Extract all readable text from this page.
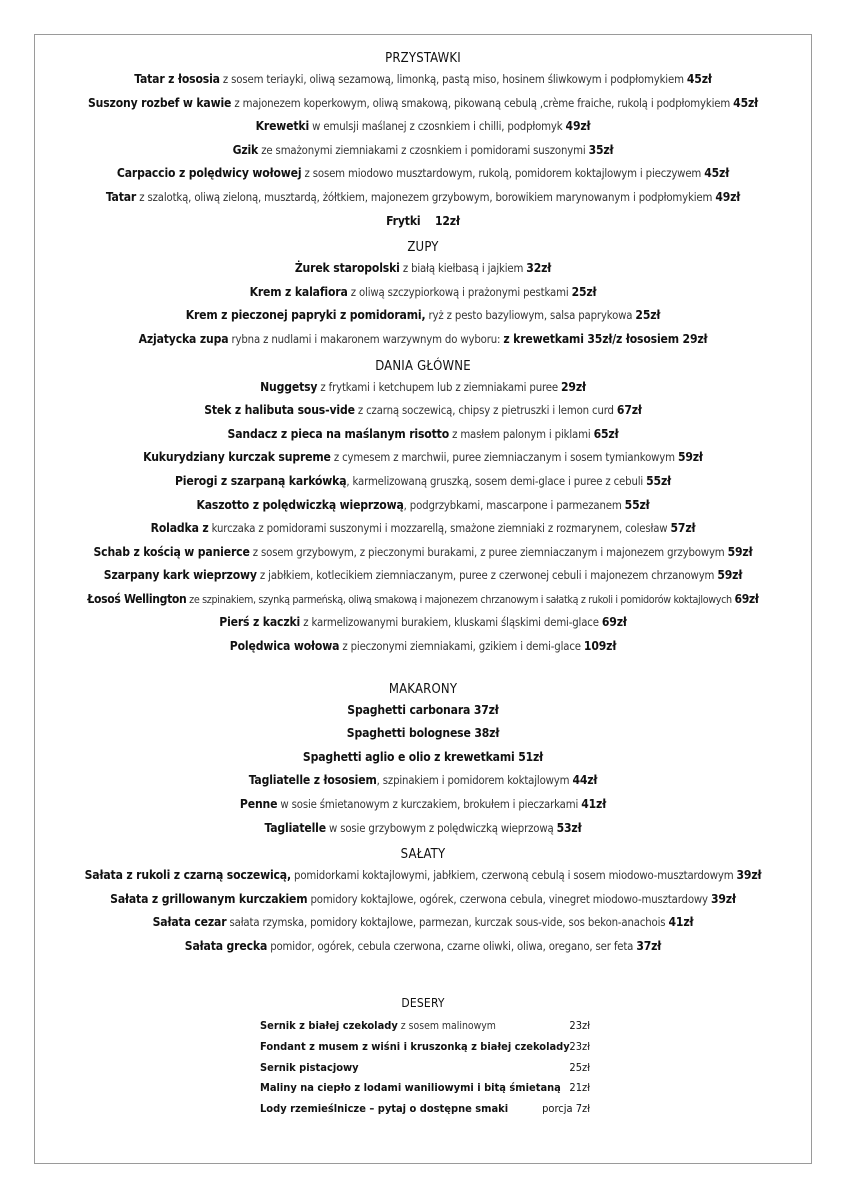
PRZYSTAWKI
Tatar z łososia z sosem teriayki, oliwą sezamową, limonką, pastą miso, hosinem śliwkowym i podpłomykiem 45zł
Suszony rozbef w kawie z majonezem koperkowym, oliwą smakową, pikowaną cebulą ,crème fraiche, rukolą i podpłomykiem 45zł
Krewetki w emulsji maślanej z czosnkiem i chilli, podpłomyk 49zł
Gzik ze smażonymi ziemniakami z czosnkiem i pomidorami suszonymi 35zł
Carpaccio z polędwicy wołowej z sosem miodowo musztardowym, rukolą, pomidorem koktajlowym i pieczywem 45zł
Tatar z szalotką, oliwą zieloną, musztardą, żółtkiem, majonezem grzybowym, borowikiem marynowanym i podpłomykiem 49zł
Frytki    12zł
ZUPY
Żurek staropolski z białą kiełbasą i jajkiem 32zł
Krem z kalafiora z oliwą szczypiorkową i prażonymi pestkami 25zł
Krem z pieczonej papryki z pomidorami, ryż z pesto bazyliowym, salsa paprykowa 25zł
Azjatycka zupa rybna z nudlami i makaronem warzywnym do wyboru: z krewetkami 35zł/z łososiem 29zł
DANIA GŁÓWNE
Nuggetsy z frytkami i ketchupem lub z ziemniakami puree 29zł
Stek z halibuta sous-vide z czarną soczewicą, chipsy z pietruszki i lemon curd 67zł
Sandacz z pieca na maślanym risotto z masłem palonym i piklami 65zł
Kukurydziany kurczak supreme z cymesem z marchwii, puree ziemniaczanym i sosem tymiankowym 59zł
Pierogi z szarpaną karkówką, karmelizowaną gruszką, sosem demi-glace i puree z cebuli 55zł
Kaszotto z polędwiczką wieprzową, podgrzybkami, mascarpone i parmezanem 55zł
Roladka z kurczaka z pomidorami suszonymi i mozzarellą, smażone ziemniaki z rozmarynem, colesław 57zł
Schab z kością w panierce z sosem grzybowym, z pieczonymi burakami, z puree ziemniaczanym i majonezem grzybowym 59zł
Szarpany kark wieprzowy z jabłkiem, kotlecikiem ziemniaczanym, puree z czerwonej cebuli i majonezem chrzanowym 59zł
Łosoś Wellington ze szpinakiem, szynką parmeńską, oliwą smakową i majonezem chrzanowym i sałatką z rukoli i pomidorów koktajlowych 69zł
Pierś z kaczki z karmelizowanymi burakiem, kluskami śląskimi demi-glace 69zł
Polędwica wołowa z pieczonymi ziemniakami, gzikiem i demi-glace 109zł
MAKARONY
Spaghetti carbonara 37zł
Spaghetti bolognese 38zł
Spaghetti aglio e olio z krewetkami 51zł
Tagliatelle z łososiem, szpinakiem i pomidorem koktajlowym 44zł
Penne w sosie śmietanowym z kurczakiem, brokułem i pieczarkami 41zł
Tagliatelle w sosie grzybowym z polędwiczką wieprzową 53zł
SAŁATY
Sałata z rukoli z czarną soczewicą, pomidorkami koktajlowymi, jabłkiem, czerwoną cebulą i sosem miodowo-musztardowym 39zł
Sałata z grillowanym kurczakiem pomidory koktajlowe, ogórek, czerwona cebula, vinegret miodowo-musztardowy 39zł
Sałata cezar sałata rzymska, pomidory koktajlowe, parmezan, kurczak sous-vide, sos bekon-anachois 41zł
Sałata grecka pomidor, ogórek, cebula czerwona, czarne oliwki, oliwa, oregano, ser feta 37zł
DESERY
Sernik z białej czekolady z sosem malinowym	23zł
Fondant z musem z wiśni i kruszonką z białej czekolady 23zł
Sernik pistacjowy	25zł
Maliny na ciepło z lodami waniliowymi i bitą śmietaną 21zł
Lody rzemieślnicze – pytaj o dostępne smaki	porcja 7zł
